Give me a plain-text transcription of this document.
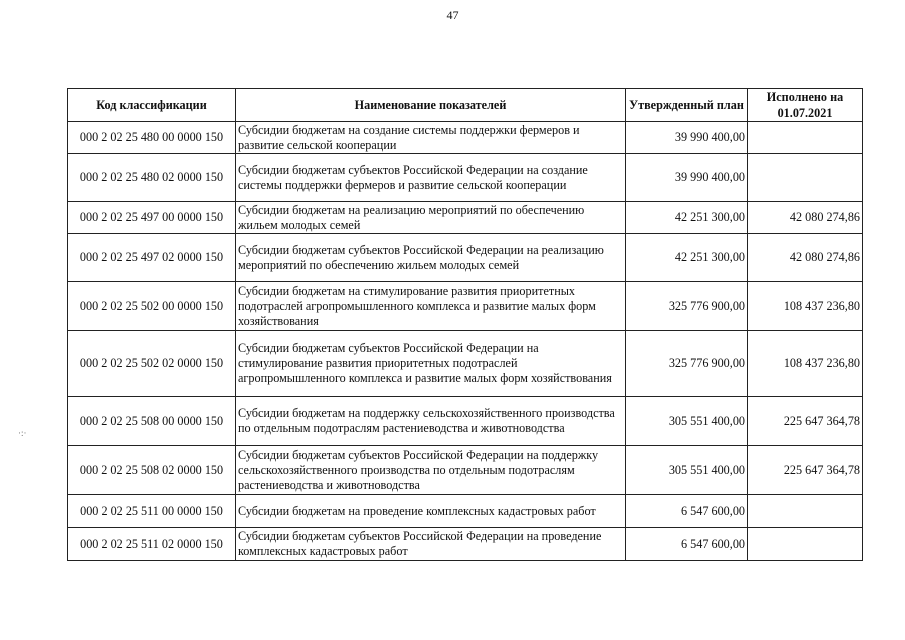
47
Код классификации	Наименование показателей	Утвержденный план	Исполнено на 01.07.2021
000 2 02 25 480 00 0000 150	Субсидии бюджетам на создание системы поддержки фермеров и развитие сельской кооперации	39 990 400,00	
000 2 02 25 480 02 0000 150	Субсидии бюджетам субъектов Российской Федерации на создание системы поддержки фермеров и развитие сельской кооперации	39 990 400,00	
000 2 02 25 497 00 0000 150	Субсидии бюджетам на реализацию мероприятий по обеспечению жильем молодых семей	42 251 300,00	42 080 274,86
000 2 02 25 497 02 0000 150	Субсидии бюджетам субъектов Российской Федерации на реализацию мероприятий по обеспечению жильем молодых семей	42 251 300,00	42 080 274,86
000 2 02 25 502 00 0000 150	Субсидии бюджетам на стимулирование развития приоритетных подотраслей агропромышленного комплекса и развитие малых форм хозяйствования	325 776 900,00	108 437 236,80
000 2 02 25 502 02 0000 150	Субсидии бюджетам субъектов Российской Федерации на стимулирование развития приоритетных подотраслей агропромышленного комплекса и развитие малых форм хозяйствования	325 776 900,00	108 437 236,80
000 2 02 25 508 00 0000 150	Субсидии бюджетам на поддержку сельскохозяйственного производства по отдельным подотраслям растениеводства и животноводства	305 551 400,00	225 647 364,78
000 2 02 25 508 02 0000 150	Субсидии бюджетам субъектов Российской Федерации на поддержку сельскохозяйственного производства по отдельным подотраслям растениеводства и животноводства	305 551 400,00	225 647 364,78
000 2 02 25 511 00 0000 150	Субсидии бюджетам на проведение комплексных кадастровых работ	6 547 600,00	
000 2 02 25 511 02 0000 150	Субсидии бюджетам субъектов Российской Федерации на проведение комплексных кадастровых работ	6 547 600,00	
·:·
